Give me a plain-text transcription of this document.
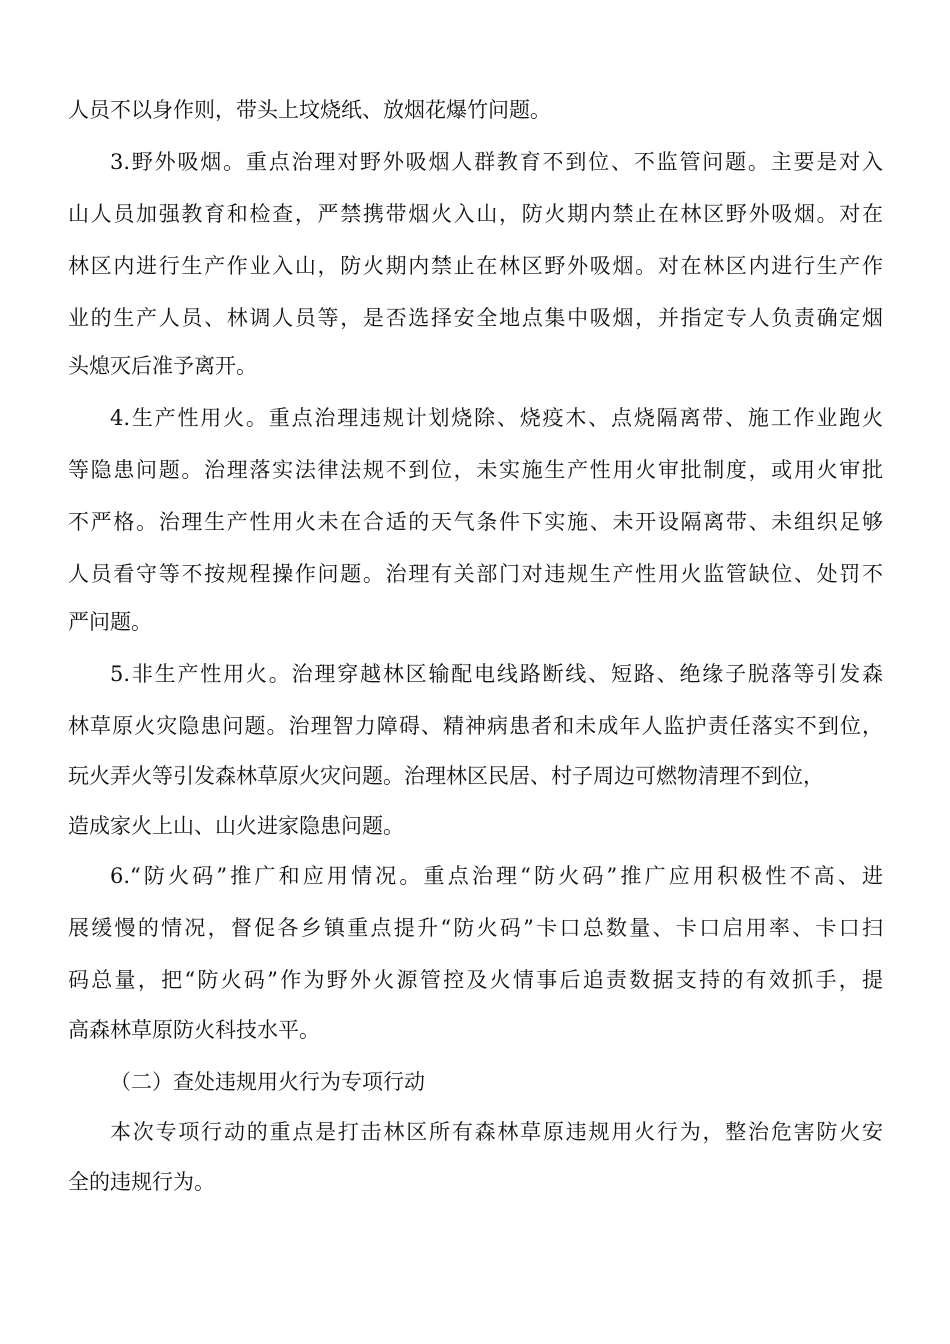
人员不以身作则，带头上坟烧纸、放烟花爆竹问题。
3.野外吸烟。重点治理对野外吸烟人群教育不到位、不监管问题。主要是对入
山人员加强教育和检查，严禁携带烟火入山，防火期内禁止在林区野外吸烟。对在
林区内进行生产作业入山，防火期内禁止在林区野外吸烟。对在林区内进行生产作
业的生产人员、林调人员等，是否选择安全地点集中吸烟，并指定专人负责确定烟
头熄灭后准予离开。
4.生产性用火。重点治理违规计划烧除、烧疫木、点烧隔离带、施工作业跑火
等隐患问题。治理落实法律法规不到位，未实施生产性用火审批制度，或用火审批
不严格。治理生产性用火未在合适的天气条件下实施、未开设隔离带、未组织足够
人员看守等不按规程操作问题。治理有关部门对违规生产性用火监管缺位、处罚不
严问题。
5.非生产性用火。治理穿越林区输配电线路断线、短路、绝缘子脱落等引发森
林草原火灾隐患问题。治理智力障碍、精神病患者和未成年人监护责任落实不到位，
玩火弄火等引发森林草原火灾问题。治理林区民居、村子周边可燃物清理不到位，
造成家火上山、山火进家隐患问题。
6.“防火码”推广和应用情况。重点治理“防火码”推广应用积极性不高、进
展缓慢的情况，督促各乡镇重点提升“防火码”卡口总数量、卡口启用率、卡口扫
码总量，把“防火码”作为野外火源管控及火情事后追责数据支持的有效抓手，提
高森林草原防火科技水平。
（二）查处违规用火行为专项行动
本次专项行动的重点是打击林区所有森林草原违规用火行为，整治危害防火安
全的违规行为。
